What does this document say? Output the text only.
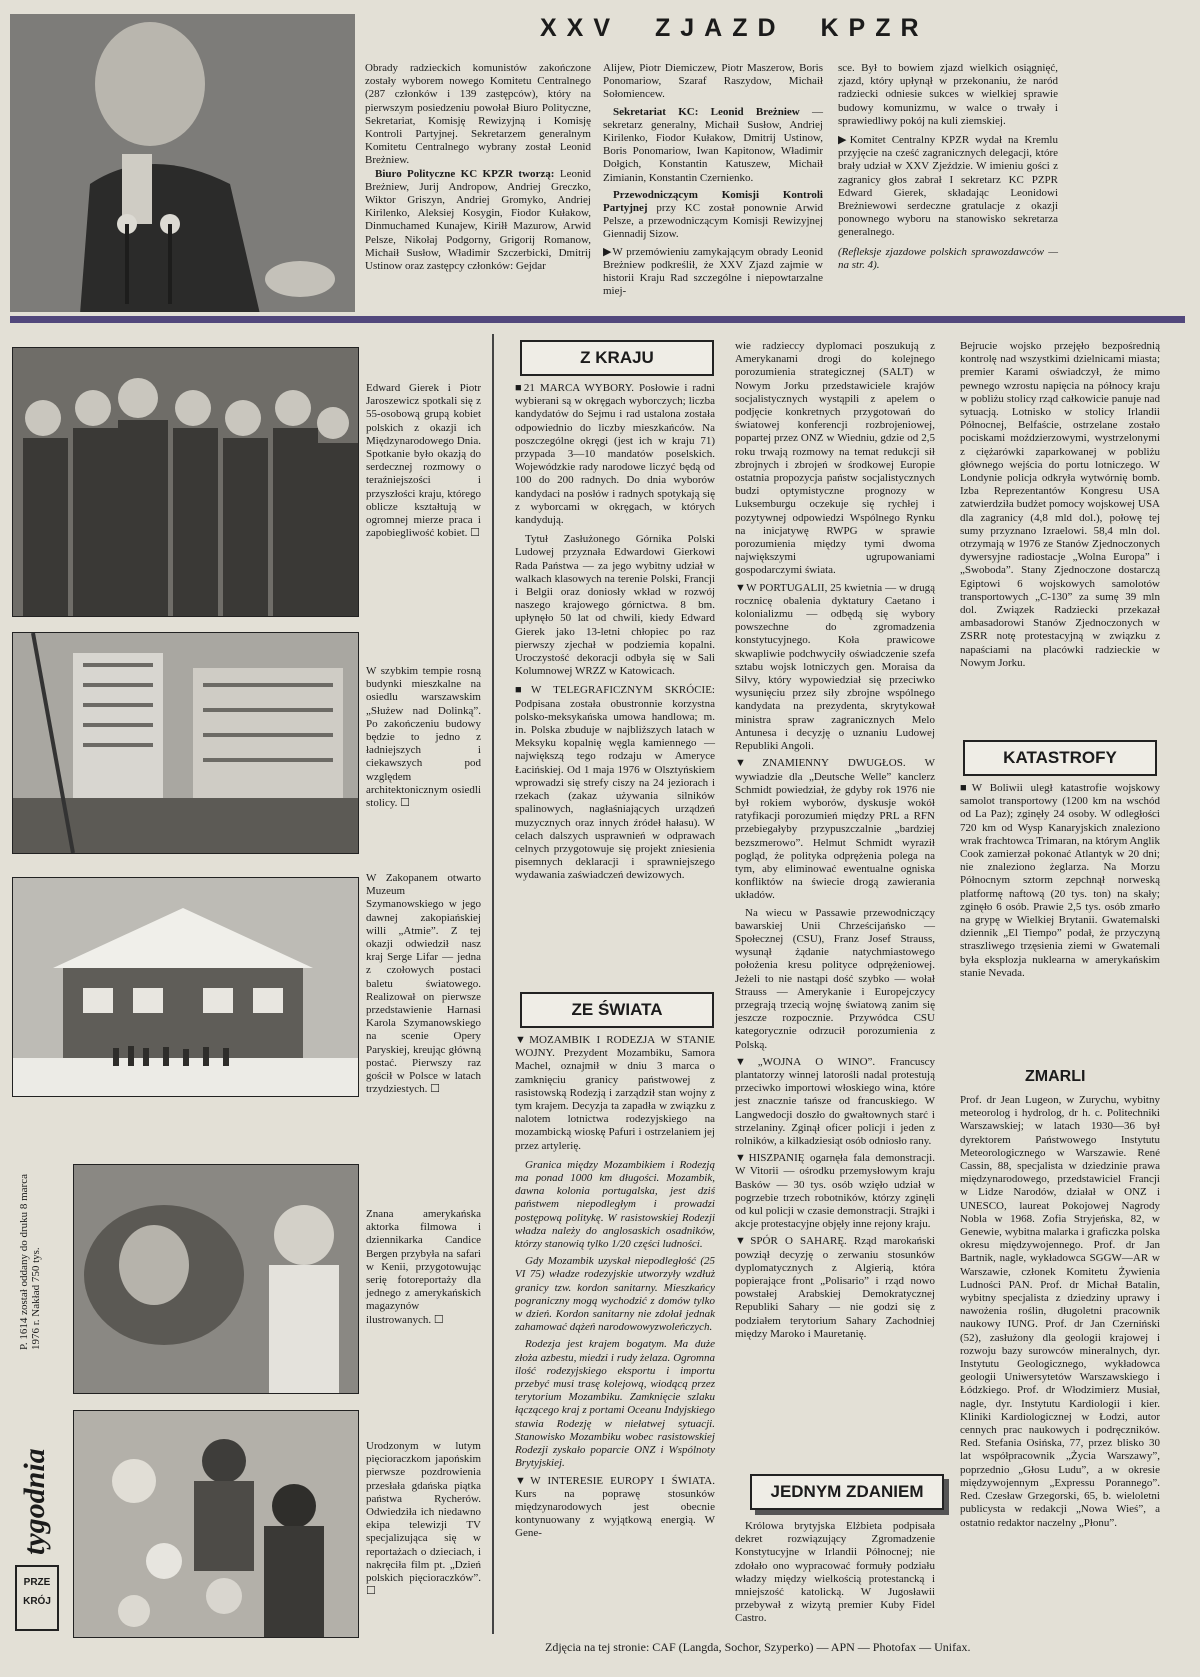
XXV ZJAZD KPZR

Obrady radzieckich komunistów zakończone zostały wyborem nowego Komitetu Centralnego (287 członków i 139 zastępców), który na pierwszym posiedzeniu powołał Biuro Polityczne, Sekretariat, Komisję Rewizyjną i Komisję Kontroli Partyjnej. Sekretarzem generalnym Komitetu Centralnego wybrany został Leonid Breżniew.

Biuro Polityczne KC KPZR tworzą: Leonid Breżniew, Jurij Andropow, Andriej Greczko, Wiktor Griszyn, Andriej Gromyko, Andriej Kirilenko, Aleksiej Kosygin, Fiodor Kułakow, Dinmuchamed Kunajew, Kiriłł Mazurow, Arwid Pelsze, Nikołaj Podgorny, Grigorij Romanow, Michaił Susłow, Władimir Szczerbicki, Dmitrij Ustinow oraz zastępcy członków: Gejdar

Alijew, Piotr Diemiczew, Piotr Maszerow, Boris Ponomariow, Szaraf Raszydow, Michaił Sołomiencew.

Sekretariat KC: Leonid Breżniew — sekretarz generalny, Michaił Susłow, Andriej Kirilenko, Fiodor Kułakow, Dmitrij Ustinow, Boris Ponomariow, Iwan Kapitonow, Władimir Dołgich, Konstantin Katuszew, Michaił Zimianin, Konstantin Czernienko.

Przewodniczącym Komisji Kontroli Partyjnej przy KC został ponownie Arwid Pelsze, a przewodniczącym Komisji Rewizyjnej Giennadij Sizow.

▶ W przemówieniu zamykającym obrady Leonid Breżniew podkreślił, że XXV Zjazd zajmie w historii Kraju Rad szczególne i niepowtarzalne miej-

sce. Był to bowiem zjazd wielkich osiągnięć, zjazd, który upłynął w przekonaniu, że naród radziecki odniesie sukces w wielkiej sprawie budowy komunizmu, w walce o trwały i sprawiedliwy pokój na kuli ziemskiej.

▶ Komitet Centralny KPZR wydał na Kremlu przyjęcie na cześć zagranicznych delegacji, które brały udział w XXV Zjeździe. W imieniu gości z zagranicy głos zabrał I sekretarz KC PZPR Edward Gierek, składając Leonidowi Breżniewowi serdeczne gratulacje z okazji ponownego wyboru na stanowisko sekretarza generalnego.

(Refleksje zjazdowe polskich sprawozdawców — na str. 4).

Edward Gierek i Piotr Jaroszewicz spotkali się z 55-osobową grupą kobiet polskich z okazji ich Międzynarodowego Dnia. Spotkanie było okazją do serdecznej rozmowy o teraźniejszości i przyszłości kraju, którego oblicze kształtują w ogromnej mierze praca i zapobiegliwość kobiet. ☐
W szybkim tempie rosną budynki mieszkalne na osiedlu warszawskim „Służew nad Dolinką”. Po zakończeniu budowy będzie to jedno z ładniejszych i ciekawszych pod względem architektonicznym osiedli stolicy. ☐
W Zakopanem otwarto Muzeum Szymanowskiego w jego dawnej zakopiańskiej willi „Atmie”. Z tej okazji odwiedził nasz kraj Serge Lifar — jedna z czołowych postaci baletu światowego. Realizował on pierwsze przedstawienie Harnasi Karola Szymanowskiego na scenie Opery Paryskiej, kreując główną postać. Pierwszy raz gościł w Polsce w latach trzydziestych. ☐
Znana amerykańska aktorka filmowa i dziennikarka Candice Bergen przybyła na safari w Kenii, przygotowując serię fotoreportaży dla jednego z amerykańskich magazynów ilustrowanych. ☐
Urodzonym w lutym pięcioraczkom japońskim pierwsze pozdrowienia przesłała gdańska piątka państwa Rycherów. Odwiedziła ich niedawno ekipa telewizji TV specjalizująca się w reportażach o dzieciach, i nakręciła film pt. „Dzień polskich pięcioraczków”. ☐
P. 1614 został oddany do druku 8 marca 1976 r. Nakład 750 tys.
tygodnia
PRZE
KRÓJ
Z KRAJU

■ 21 MARCA WYBORY. Posłowie i radni wybierani są w okręgach wyborczych; liczba kandydatów do Sejmu i rad ustalona została odpowiednio do liczby mieszkańców. Na poszczególne okręgi (jest ich w kraju 71) przypada 3—10 mandatów poselskich. Wojewódzkie rady narodowe liczyć będą od 100 do 200 radnych. Do dnia wyborów kandydaci na posłów i radnych spotykają się z wyborcami w okręgach, w których kandydują.

Tytuł Zasłużonego Górnika Polski Ludowej przyznała Edwardowi Gierkowi Rada Państwa — za jego wybitny udział w walkach klasowych na terenie Polski, Francji i Belgii oraz doniosły wkład w rozwój naszego krajowego górnictwa. 8 bm. upłynęło 50 lat od chwili, kiedy Edward Gierek jako 13-letni chłopiec po raz pierwszy zjechał w podziemia kopalni. Uroczystość dekoracji odbyła się w Sali Kolumnowej WRZZ w Katowicach.

■ W TELEGRAFICZNYM SKRÓCIE: Podpisana została obustronnie korzystna polsko-meksykańska umowa handlowa; m. in. Polska zbuduje w najbliższych latach w Meksyku kopalnię węgla kamiennego — największą tego rodzaju w Ameryce Łacińskiej. Od 1 maja 1976 w Olsztyńskiem wprowadzi się strefy ciszy na 24 jeziorach i rzekach (zakaz używania silników spalinowych, nagłaśniających urządzeń muzycznych oraz innych źródeł hałasu). W celach dalszych usprawnień w odprawach celnych przygotowuje się projekt zniesienia pisemnych deklaracji i sprawniejszego wydawania zaświadczeń dewizowych.

ZE ŚWIATA

▼ MOZAMBIK I RODEZJA W STANIE WOJNY. Prezydent Mozambiku, Samora Machel, oznajmił w dniu 3 marca o zamknięciu granicy państwowej z rasistowską Rodezją i zarządził stan wojny z tym krajem. Decyzja ta zapadła w związku z nalotem lotnictwa rodezyjskiego na mozambicką wioskę Pafuri i ostrzelaniem jej przez artylerię.

Granica między Mozambikiem i Rodezją ma ponad 1000 km długości. Mozambik, dawna kolonia portugalska, jest dziś państwem niepodległym i prowadzi postępową politykę. W rasistowskiej Rodezji władza należy do anglosaskich osadników, którzy stanowią tylko 1/20 części ludności.

Gdy Mozambik uzyskał niepodległość (25 VI 75) władze rodezyjskie utworzyły wzdłuż granicy tzw. kordon sanitarny. Mieszkańcy pograniczny mogą wychodzić z domów tylko w dzień. Kordon sanitarny nie zdołał jednak zahamować dążeń narodowowyzwoleńczych.

Rodezja jest krajem bogatym. Ma duże złoża azbestu, miedzi i rudy żelaza. Ogromna ilość rodezyjskiego eksportu i importu przebyć musi trasę kolejową, wiodącą przez terytorium Mozambiku. Zamknięcie szlaku łączącego kraj z portami Oceanu Indyjskiego stawia Rodezję w niełatwej sytuacji. Stanowisko Mozambiku wobec rasistowskiej Rodezji zyskało poparcie ONZ i Wspólnoty Brytyjskiej.

▼ W INTERESIE EUROPY I ŚWIATA. Kurs na poprawę stosunków międzynarodowych jest obecnie kontynuowany z wyjątkową energią. W Gene-

wie radzieccy dyplomaci poszukują z Amerykanami drogi do kolejnego porozumienia strategicznej (SALT) w Nowym Jorku przedstawiciele krajów socjalistycznych wystąpili z apelem o podjęcie konkretnych przygotowań do światowej konferencji rozbrojeniowej, popartej przez ONZ w Wiedniu, gdzie od 2,5 roku trwają rozmowy na temat redukcji sił zbrojnych i zbrojeń w środkowej Europie ostatnia propozycja państw socjalistycznych budzi optymistyczne prognozy w Luksemburgu oczekuje się rychłej i pozytywnej odpowiedzi Wspólnego Rynku na inicjatywę RWPG w sprawie porozumienia między tymi dwoma największymi ugrupowaniami gospodarczymi świata.

▼ W PORTUGALII, 25 kwietnia — w drugą rocznicę obalenia dyktatury Caetano i kolonializmu — odbędą się wybory powszechne do zgromadzenia konstytucyjnego. Koła prawicowe skwapliwie podchwyciły oświadczenie szefa sztabu wojsk lotniczych gen. Moraisa da Silvy, który wypowiedział się przeciwko wysunięciu przez siły zbrojne wspólnego kandydata na prezydenta, skrytykował ministra spraw zagranicznych Melo Antunesa i decyzję o uznaniu Ludowej Republiki Angoli.

▼ ZNAMIENNY DWUGŁOS. W wywiadzie dla „Deutsche Welle” kanclerz Schmidt powiedział, że gdyby rok 1976 nie był rokiem wyborów, dyskusje wokół ratyfikacji porozumień między PRL a RFN przebiegałyby przypuszczalnie „bardziej bezszmerowo”. Helmut Schmidt wyraził pogląd, że polityka odprężenia polega na tym, aby eliminować ewentualne ogniska konfliktów na świecie drogą zawierania układów.

Na wiecu w Passawie przewodniczący bawarskiej Unii Chrześcijańsko — Społecznej (CSU), Franz Josef Strauss, wysunął żądanie natychmiastowego położenia kresu polityce odprężeniowej. Jeżeli to nie nastąpi dość szybko — wołał Strauss — Amerykanie i Europejczycy przegrają trzecią wojnę światową zanim się jeszcze rozpocznie. Przywódca CSU kategorycznie odrzucił porozumienia z Polską.

▼ „WOJNA O WINO”. Francuscy plantatorzy winnej latorośli nadal protestują przeciwko importowi włoskiego wina, które jest znacznie tańsze od francuskiego. W Langwedocji doszło do gwałtownych starć i strzelaniny. Zginął oficer policji i jeden z rolników, a kilkadziesiąt osób odniosło rany.

▼ HISZPANIĘ ogarnęła fala demonstracji. W Vitorii — ośrodku przemysłowym kraju Basków — 30 tys. osób wzięło udział w pogrzebie trzech robotników, którzy zginęli od kul policji w czasie demonstracji. Strajki i akcje protestacyjne objęły inne rejony kraju.

▼ SPÓR O SAHARĘ. Rząd marokański powziął decyzję o zerwaniu stosunków dyplomatycznych z Algierią, która popierające front „Polisario” i rząd nowo powstałej Arabskiej Demokratycznej Republiki Sahary — nie godzi się z podziałem terytorium Sahary Zachodniej między Maroko i Mauretanię.

JEDNYM ZDANIEM

Królowa brytyjska Elżbieta podpisała dekret rozwiązujący Zgromadzenie Konstytucyjne w Irlandii Północnej; nie zdołało ono wypracować formuły podziału władzy między wielkością protestancką i mniejszość katolicką. W Jugosławii przebywał z wizytą premier Kuby Fidel Castro.

Bejrucie wojsko przejęło bezpośrednią kontrolę nad wszystkimi dzielnicami miasta; premier Karami oświadczył, że mimo pewnego wzrostu napięcia na północy kraju w pobliżu stolicy rząd całkowicie panuje nad sytuacją. Lotnisko w stolicy Irlandii Północnej, Belfaście, ostrzelane zostało pociskami moździerzowymi, wystrzelonymi z ciężarówki zaparkowanej w pobliżu głównego wejścia do portu lotniczego. W Londynie policja odkryła wytwórnię bomb. Izba Reprezentantów Kongresu USA zatwierdziła budżet pomocy wojskowej USA dla zagranicy (4,8 mld dol.), połowę tej sumy przyznano Izraelowi. 58,4 mln dol. otrzymają w 1976 ze Stanów Zjednoczonych dywersyjne radiostacje „Wolna Europa” i „Swoboda”. Stany Zjednoczone dostarczą Egiptowi 6 wojskowych samolotów transportowych „C-130” za sumę 39 mln dol. Związek Radziecki przekazał ambasadorowi Stanów Zjednoczonych w ZSRR notę protestacyjną w związku z napaściami na placówki radzieckie w Nowym Jorku.

KATASTROFY

■ W Boliwii uległ katastrofie wojskowy samolot transportowy (1200 km na wschód od La Paz); zginęły 24 osoby. W odległości 720 km od Wysp Kanaryjskich znaleziono wrak frachtowca Trimaran, na którym Anglik Cook zamierzał pokonać Atlantyk w 20 dni; nie znaleziono żeglarza. Na Morzu Północnym sztorm zepchnął norweską platformę naftową (20 tys. ton) na skały; zginęło 6 osób. Prawie 2,5 tys. osób zmarło na grypę w Wielkiej Brytanii. Gwatemalski dziennik „El Tiempo” podał, że przyczyną straszliwego trzęsienia ziemi w Gwatemali była eksplozja nuklearna w amerykańskim stanie Nevada.

ZMARLI

Prof. dr Jean Lugeon, w Zurychu, wybitny meteorolog i hydrolog, dr h. c. Politechniki Warszawskiej; w latach 1930—36 był dyrektorem Państwowego Instytutu Meteorologicznego w Warszawie. René Cassin, 88, specjalista w dziedzinie prawa międzynarodowego, przedstawiciel Francji w Lidze Narodów, działał w ONZ i UNESCO, laureat Pokojowej Nagrody Nobla w 1968. Zofia Stryjeńska, 82, w Genewie, wybitna malarka i graficzka polska okresu międzywojennego. Prof. dr Jan Bartnik, nagle, wykładowca SGGW—AR w Warszawie, członek Komitetu Żywienia Ludności PAN. Prof. dr Michał Batalin, wybitny specjalista z dziedziny uprawy i nawożenia roślin, długoletni pracownik naukowy IUNG. Prof. dr Jan Czerniński (52), zasłużony dla geologii krajowej i rozwoju bazy surowców mineralnych, dyr. Instytutu Geologicznego, wykładowca geologii Uniwersytetów Warszawskiego i Łódzkiego. Prof. dr Włodzimierz Musiał, nagle, dyr. Instytutu Kardiologii i kier. Kliniki Kardiologicznej w Łodzi, autor cennych prac naukowych i podręczników. Red. Stefania Osińska, 77, przez blisko 30 lat współpracownik „Życia Warszawy”, poprzednio „Głosu Ludu”, a w okresie międzywojennym „Expressu Porannego”. Red. Czesław Grzegorski, 65, b. wieloletni publicysta w redakcji „Nowa Wieś”, a ostatnio redaktor naczelny „Płonu”.

Zdjęcia na tej stronie: CAF (Langda, Sochor, Szyperko) — APN — Photofax — Unifax.
